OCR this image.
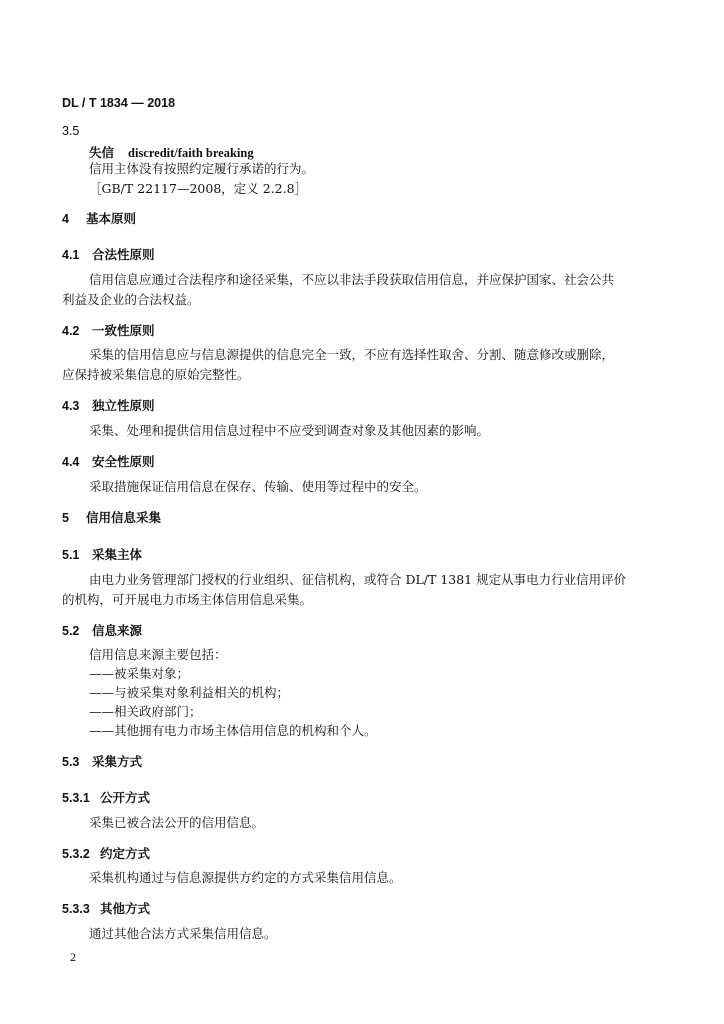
DL / T 1834 — 2018
3.5
失信 discredit/faith breaking
信用主体没有按照约定履行承诺的行为。
［GB/T 22117—2008，定义 2.2.8］
4 基本原则
4.1 合法性原则
信用信息应通过合法程序和途径采集，不应以非法手段获取信用信息，并应保护国家、社会公共
利益及企业的合法权益。
4.2 一致性原则
采集的信用信息应与信息源提供的信息完全一致，不应有选择性取舍、分割、随意修改或删除，
应保持被采集信息的原始完整性。
4.3 独立性原则
采集、处理和提供信用信息过程中不应受到调查对象及其他因素的影响。
4.4 安全性原则
采取措施保证信用信息在保存、传输、使用等过程中的安全。
5 信用信息采集
5.1 采集主体
由电力业务管理部门授权的行业组织、征信机构，或符合 DL/T 1381 规定从事电力行业信用评价
的机构，可开展电力市场主体信用信息采集。
5.2 信息来源
信用信息来源主要包括：
——被采集对象；
——与被采集对象利益相关的机构；
——相关政府部门；
——其他拥有电力市场主体信用信息的机构和个人。
5.3 采集方式
5.3.1 公开方式
采集已被合法公开的信用信息。
5.3.2 约定方式
采集机构通过与信息源提供方约定的方式采集信用信息。
5.3.3 其他方式
通过其他合法方式采集信用信息。
2
